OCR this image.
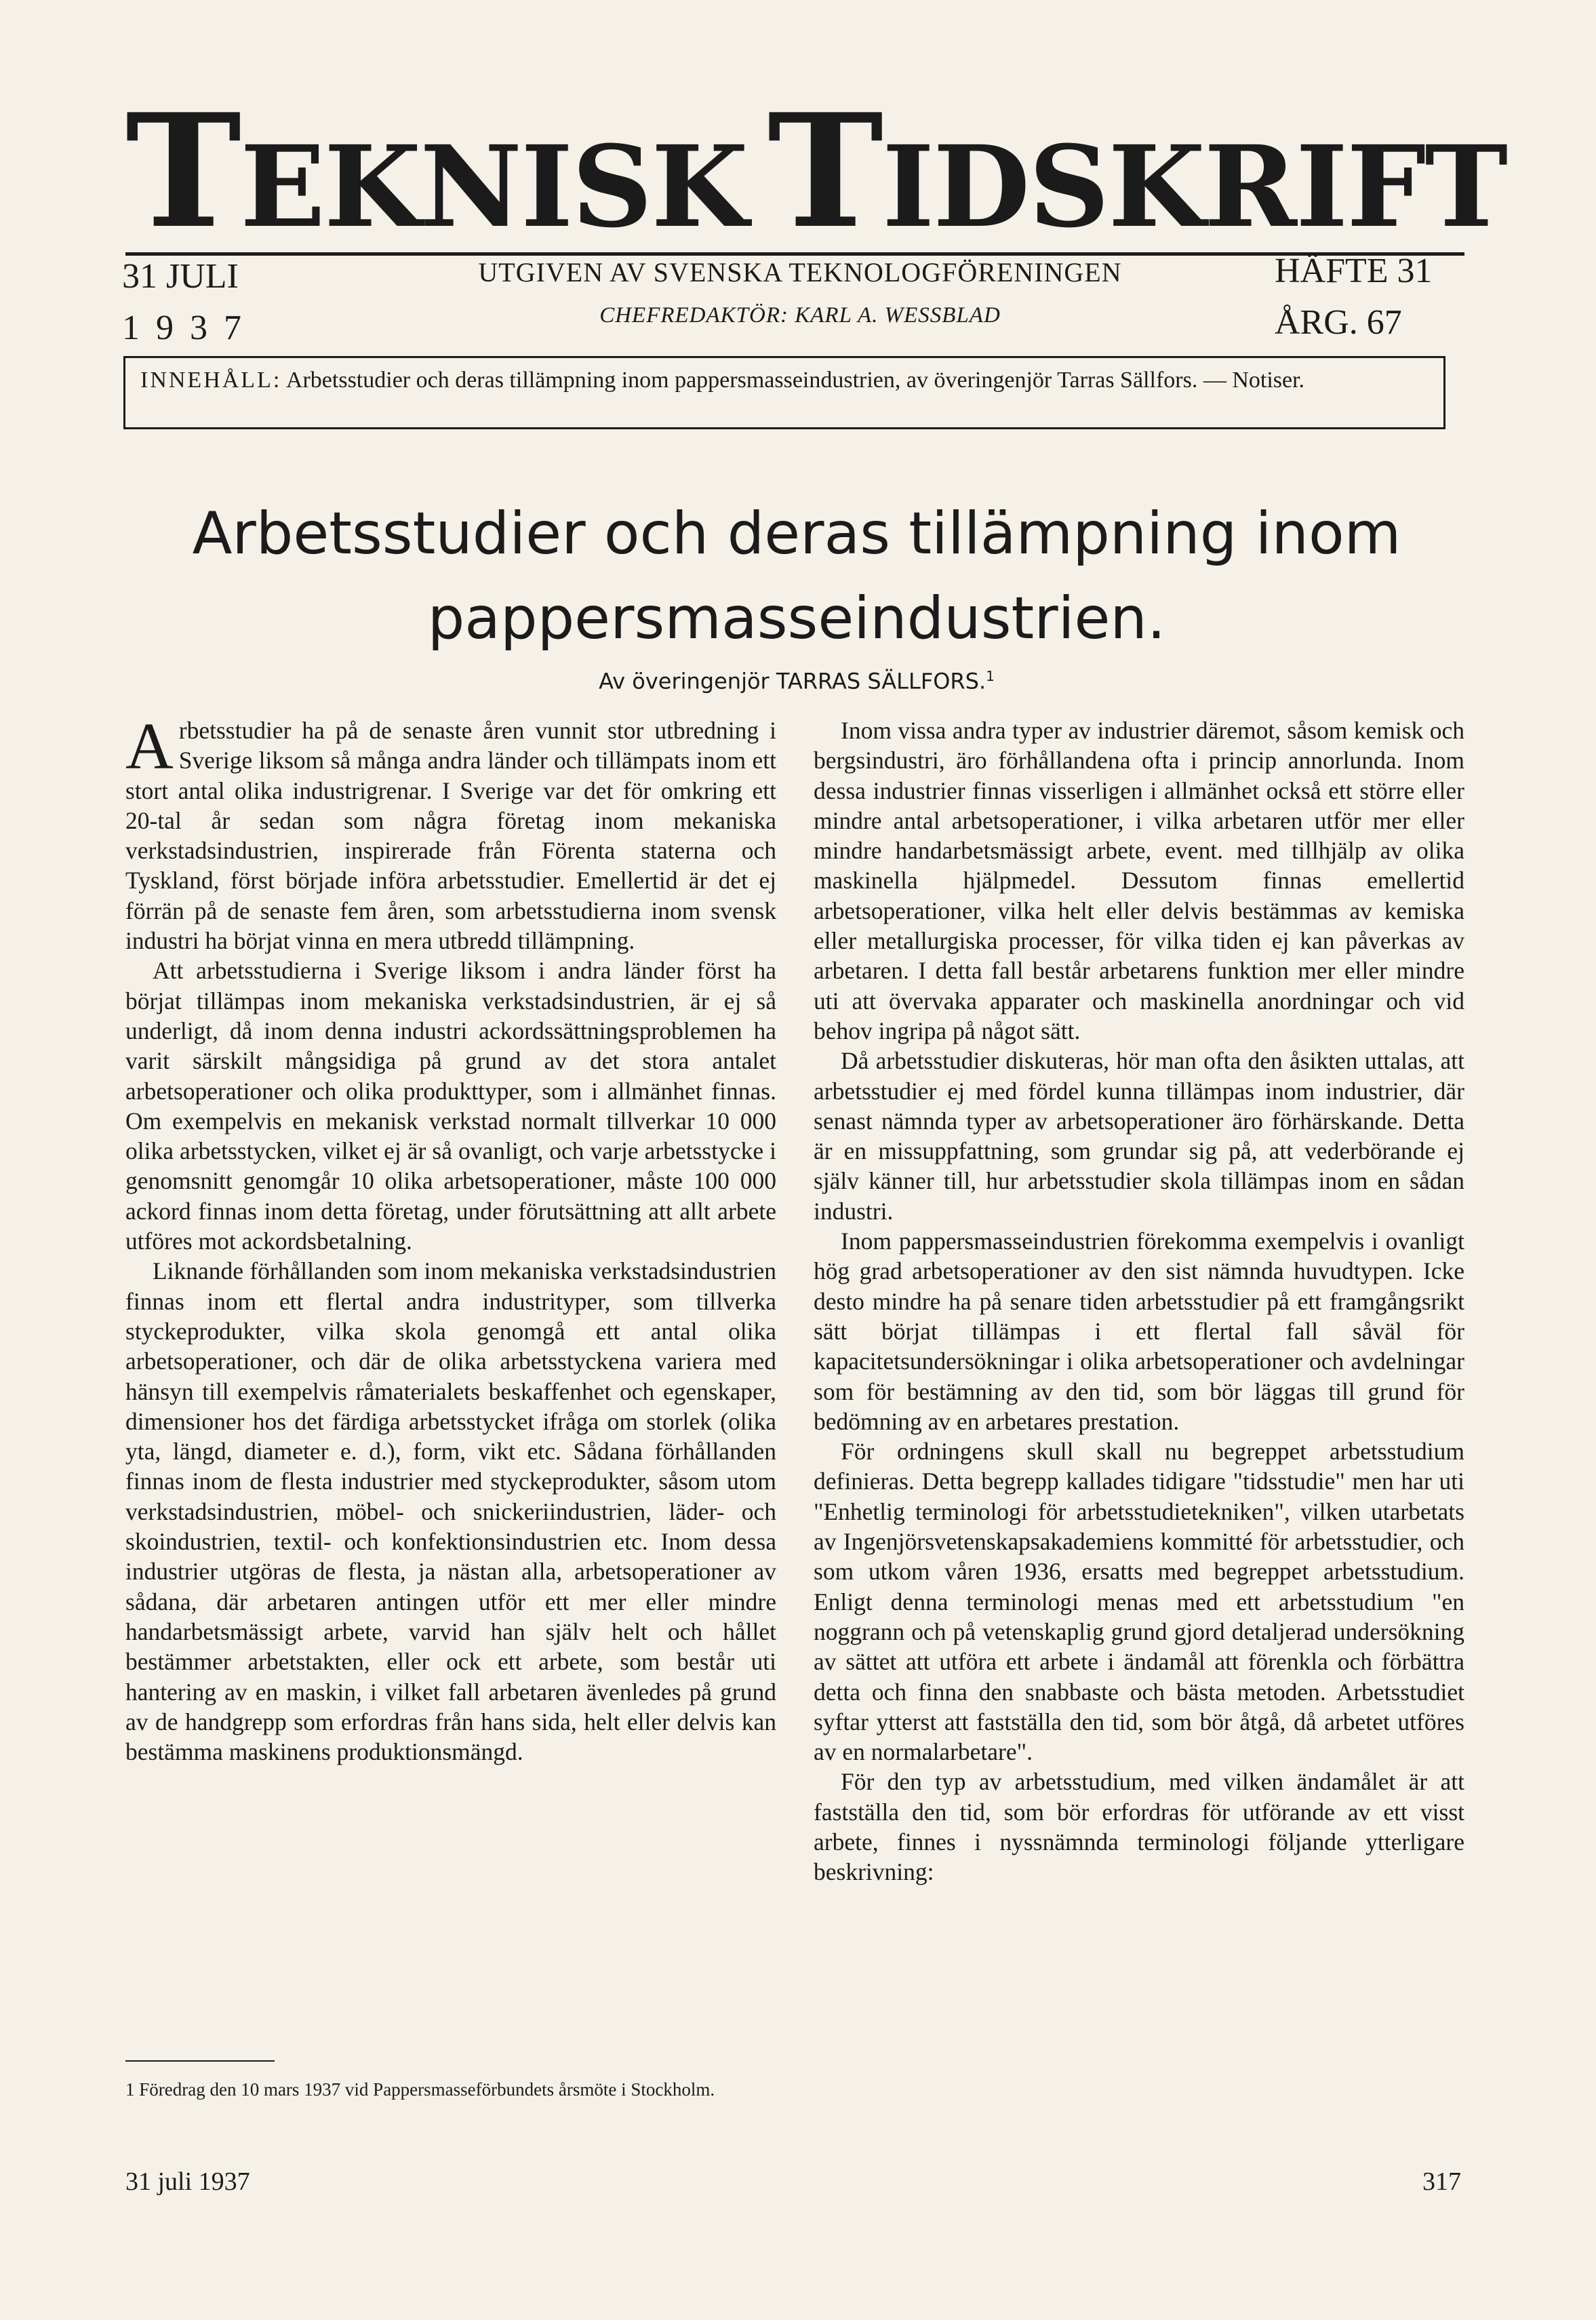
TEKNISK TIDSKRIFT
31 JULI
1937
UTGIVEN AV SVENSKA TEKNOLOGFÖRENINGEN
CHEFREDAKTÖR: KARL A. WESSBLAD
HÄFTE 31
ÅRG. 67
INNEHÅLL: Arbetsstudier och deras tillämpning inom pappersmasseindustrien, av överingenjör Tarras Sällfors. — Notiser.
Arbetsstudier och deras tillämpning inom
pappersmasseindustrien.
Av överingenjör TARRAS SÄLLFORS.$^1$

Arbetsstudier ha på de senaste åren vunnit stor utbredning i Sverige liksom så många andra länder och tillämpats inom ett stort antal olika industrigrenar. I Sverige var det för omkring ett 20-tal år sedan som några företag inom mekaniska verkstadsindustrien, inspirerade från Förenta staterna och Tyskland, först började införa arbetsstudier. Emellertid är det ej förrän på de senaste fem åren, som arbetsstudierna inom svensk industri ha börjat vinna en mera utbredd tillämpning.

Att arbetsstudierna i Sverige liksom i andra länder först ha börjat tillämpas inom mekaniska verkstadsindustrien, är ej så underligt, då inom denna industri ackordssättningsproblemen ha varit särskilt mångsidiga på grund av det stora antalet arbetsoperationer och olika produkttyper, som i allmänhet finnas. Om exempelvis en mekanisk verkstad normalt tillverkar 10 000 olika arbetsstycken, vilket ej är så ovanligt, och varje arbetsstycke i genomsnitt genomgår 10 olika arbetsoperationer, måste 100 000 ackord finnas inom detta företag, under förutsättning att allt arbete utföres mot ackordsbetalning.

Liknande förhållanden som inom mekaniska verkstadsindustrien finnas inom ett flertal andra industrityper, som tillverka styckeprodukter, vilka skola genomgå ett antal olika arbetsoperationer, och där de olika arbetsstyckena variera med hänsyn till exempelvis råmaterialets beskaffenhet och egenskaper, dimensioner hos det färdiga arbetsstycket ifråga om storlek (olika yta, längd, diameter e. d.), form, vikt etc. Sådana förhållanden finnas inom de flesta industrier med styckeprodukter, såsom utom verkstadsindustrien, möbel- och snickeriindustrien, läder- och skoindustrien, textil- och konfektionsindustrien etc. Inom dessa industrier utgöras de flesta, ja nästan alla, arbetsoperationer av sådana, där arbetaren antingen utför ett mer eller mindre handarbetsmässigt arbete, varvid han själv helt och hållet bestämmer arbetstakten, eller ock ett arbete, som består uti hantering av en maskin, i vilket fall arbetaren ävenledes på grund av de handgrepp som erfordras från hans sida, helt eller delvis kan bestämma maskinens produktionsmängd.

Inom vissa andra typer av industrier däremot, såsom kemisk och bergsindustri, äro förhållandena ofta i princip annorlunda. Inom dessa industrier finnas visserligen i allmänhet också ett större eller mindre antal arbetsoperationer, i vilka arbetaren utför mer eller mindre handarbetsmässigt arbete, event. med tillhjälp av olika maskinella hjälpmedel. Dessutom finnas emellertid arbetsoperationer, vilka helt eller delvis bestämmas av kemiska eller metallurgiska processer, för vilka tiden ej kan påverkas av arbetaren. I detta fall består arbetarens funktion mer eller mindre uti att övervaka apparater och maskinella anordningar och vid behov ingripa på något sätt.

Då arbetsstudier diskuteras, hör man ofta den åsikten uttalas, att arbetsstudier ej med fördel kunna tillämpas inom industrier, där senast nämnda typer av arbetsoperationer äro förhärskande. Detta är en missuppfattning, som grundar sig på, att vederbörande ej själv känner till, hur arbetsstudier skola tillämpas inom en sådan industri.

Inom pappersmasseindustrien förekomma exempelvis i ovanligt hög grad arbetsoperationer av den sist nämnda huvudtypen. Icke desto mindre ha på senare tiden arbetsstudier på ett framgångsrikt sätt börjat tillämpas i ett flertal fall såväl för kapacitetsundersökningar i olika arbetsoperationer och avdelningar som för bestämning av den tid, som bör läggas till grund för bedömning av en arbetares prestation.

För ordningens skull skall nu begreppet arbetsstudium definieras. Detta begrepp kallades tidigare "tidsstudie" men har uti "Enhetlig terminologi för arbetsstudietekniken", vilken utarbetats av Ingenjörsvetenskapsakademiens kommitté för arbetsstudier, och som utkom våren 1936, ersatts med begreppet arbetsstudium. Enligt denna terminologi menas med ett arbetsstudium "en noggrann och på vetenskaplig grund gjord detaljerad undersökning av sättet att utföra ett arbete i ändamål att förenkla och förbättra detta och finna den snabbaste och bästa metoden. Arbetsstudiet syftar ytterst att fastställa den tid, som bör åtgå, då arbetet utföres av en normalarbetare".

För den typ av arbetsstudium, med vilken ändamålet är att fastställa den tid, som bör erfordras för utförande av ett visst arbete, finnes i nyssnämnda terminologi följande ytterligare beskrivning:

1 Föredrag den 10 mars 1937 vid Pappersmasseförbundets årsmöte i Stockholm.
31 juli 1937	317
